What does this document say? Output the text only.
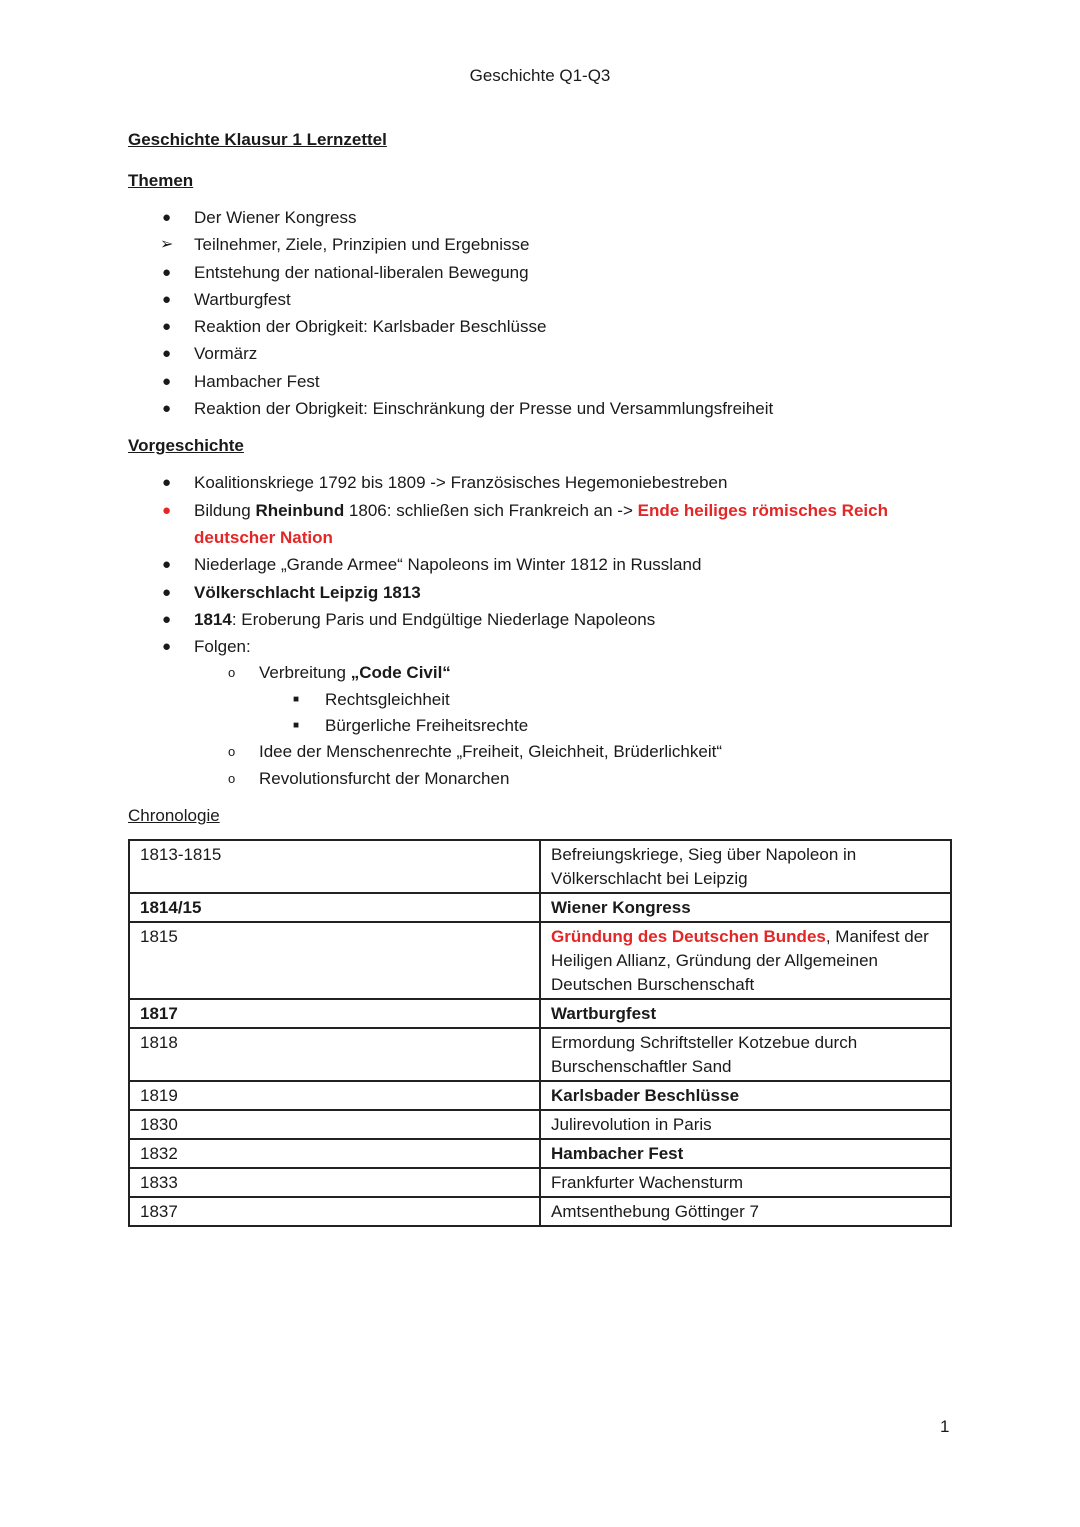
Geschichte Q1-Q3
Geschichte Klausur 1 Lernzettel
Themen
● Der Wiener Kongress
➢ Teilnehmer, Ziele, Prinzipien und Ergebnisse
● Entstehung der national-liberalen Bewegung
● Wartburgfest
● Reaktion der Obrigkeit: Karlsbader Beschlüsse
● Vormärz
● Hambacher Fest
● Reaktion der Obrigkeit: Einschränkung der Presse und Versammlungsfreiheit
Vorgeschichte
● Koalitionskriege 1792 bis 1809 -> Französisches Hegemoniebestreben
● Bildung Rheinbund 1806: schließen sich Frankreich an -> Ende heiliges römisches Reich deutscher Nation
● Niederlage „Grande Armee“ Napoleons im Winter 1812 in Russland
● Völkerschlacht Leipzig 1813
● 1814: Eroberung Paris und Endgültige Niederlage Napoleons
● Folgen:
o Verbreitung „Code Civil“
■ Rechtsgleichheit
■ Bürgerliche Freiheitsrechte
o Idee der Menschenrechte „Freiheit, Gleichheit, Brüderlichkeit“
o Revolutionsfurcht der Monarchen
Chronologie
1813-1815	Befreiungskriege, Sieg über Napoleon in Völkerschlacht bei Leipzig
1814/15	Wiener Kongress
1815	Gründung des Deutschen Bundes, Manifest der Heiligen Allianz, Gründung der Allgemeinen Deutschen Burschenschaft
1817	Wartburgfest
1818	Ermordung Schriftsteller Kotzebue durch Burschenschaftler Sand
1819	Karlsbader Beschlüsse
1830	Julirevolution in Paris
1832	Hambacher Fest
1833	Frankfurter Wachensturm
1837	Amtsenthebung Göttinger 7
1
